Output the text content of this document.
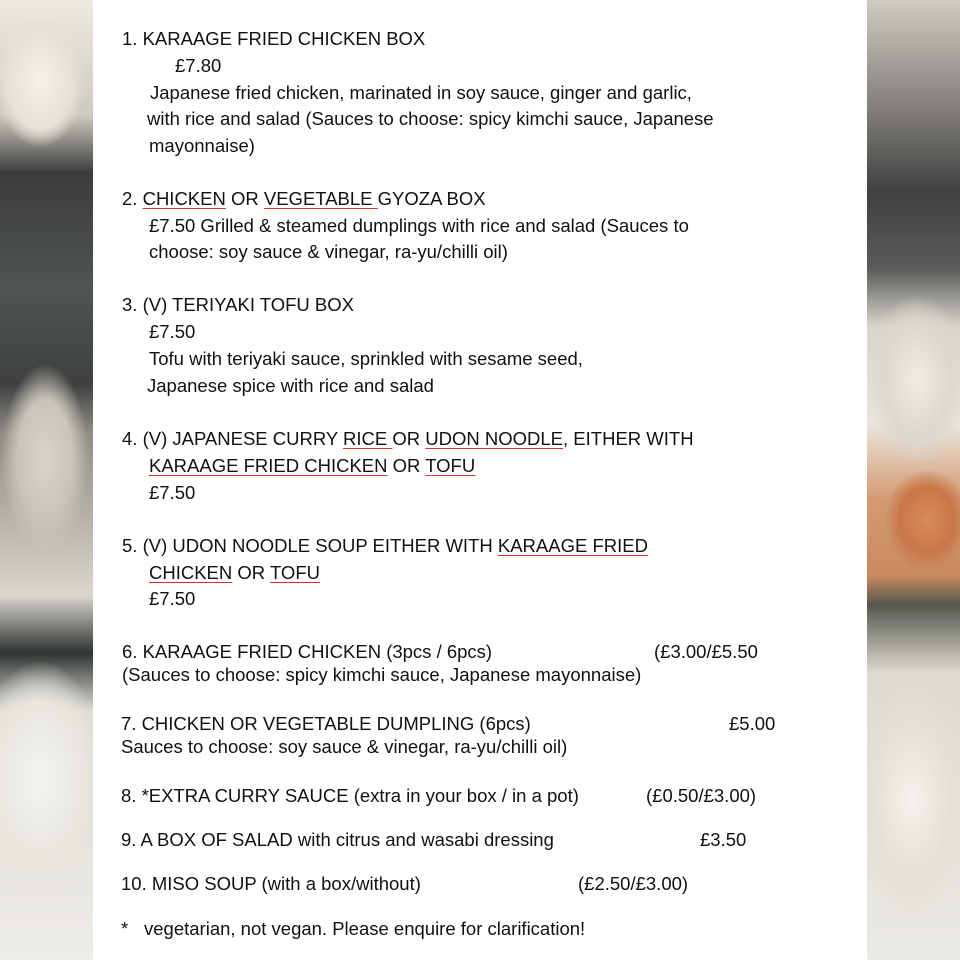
1. KARAAGE FRIED CHICKEN BOX
£7.80
Japanese fried chicken, marinated in soy sauce, ginger and garlic,
with rice and salad (Sauces to choose: spicy kimchi sauce, Japanese
mayonnaise)
2. CHICKEN OR VEGETABLE GYOZA BOX
£7.50 Grilled & steamed dumplings with rice and salad (Sauces to
choose: soy sauce & vinegar, ra-yu/chilli oil)
3. (V) TERIYAKI TOFU BOX
£7.50
Tofu with teriyaki sauce, sprinkled with sesame seed,
Japanese spice with rice and salad
4. (V) JAPANESE CURRY RICE OR UDON NOODLE, EITHER WITH
KARAAGE FRIED CHICKEN OR TOFU
£7.50
5. (V) UDON NOODLE SOUP EITHER WITH KARAAGE FRIED
CHICKEN OR TOFU
£7.50
6. KARAAGE FRIED CHICKEN (3pcs / 6pcs)	(£3.00/£5.50
(Sauces to choose: spicy kimchi sauce, Japanese mayonnaise)
7. CHICKEN OR VEGETABLE DUMPLING (6pcs)	£5.00
Sauces to choose: soy sauce & vinegar, ra-yu/chilli oil)
8. *EXTRA CURRY SAUCE (extra in your box / in a pot)	(£0.50/£3.00)
9. A BOX OF SALAD with citrus and wasabi dressing	£3.50
10. MISO SOUP (with a box/without)	(£2.50/£3.00)
* vegetarian, not vegan. Please enquire for clarification!
